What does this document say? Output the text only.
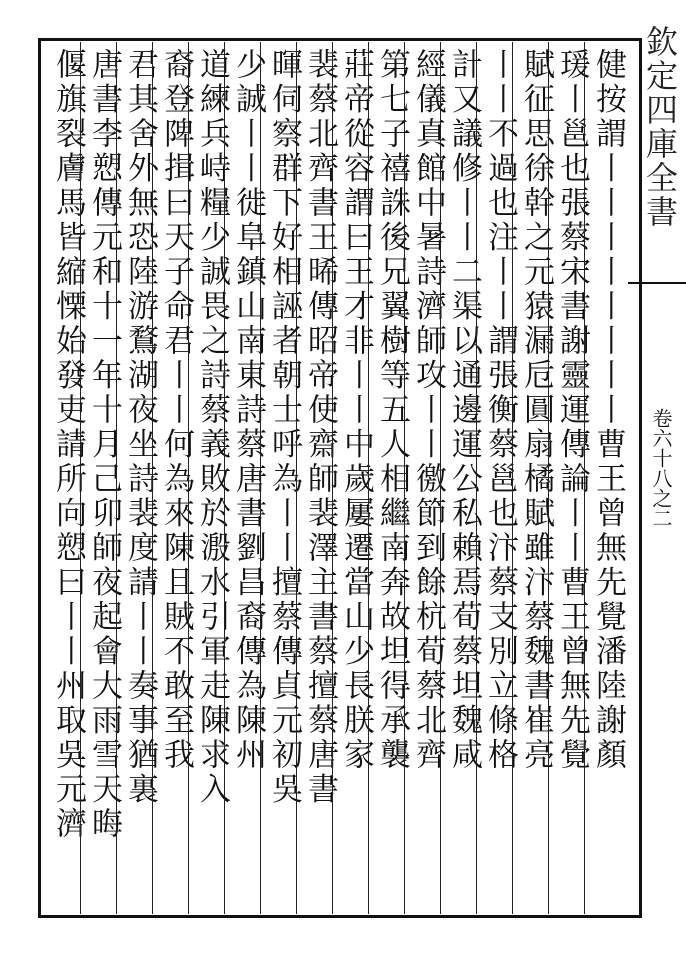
欽定四庫全書
卷六十八之二
健按謂丨丨丨丨丨丨丨丨曹王曾無先覺潘陸謝顏
瑗丨邕也張蔡宋書謝靈運傳論丨丨曹王曾無先覺
賦征思徐幹之元猿漏卮圓扇橘賦雖汴蔡魏書崔亮
丨丨不過也注丨丨謂張衡蔡邕也汴蔡支別立條格
計又議修丨丨二渠以通邊運公私賴焉荀蔡坦魏咸
經儀真館中暑詩濟師攻丨丨徼節到餘杭荀蔡北齊
第七子禧誅後兄翼樹等五人相繼南奔故坦得承襲
莊帝從容謂曰王才非丨丨中歲屢遷當山少長朕家
裴蔡北齊書王晞傳昭帝使齋師裴澤主書蔡擅蔡唐書
暉伺察群下好相誣者朝士呼為丨丨擅蔡傳貞元初吳
少誠丨丨徙阜鎮山南東詩蔡唐書劉昌裔傳為陳州
道練兵峙糧少誠畏之詩蔡義敗於溵水引軍走陳求入
裔登陴揖曰天子命君丨丨何為來陳且賊不敢至我
君其舍外無恐陸游鶩湖夜坐詩裴度請丨丨奏事猶裏
唐書李愬傳元和十一年十月己卯師夜起會大雨雪天晦
偃旗裂膚馬皆縮慄始發吏請所向愬曰丨丨州取吳元濟
